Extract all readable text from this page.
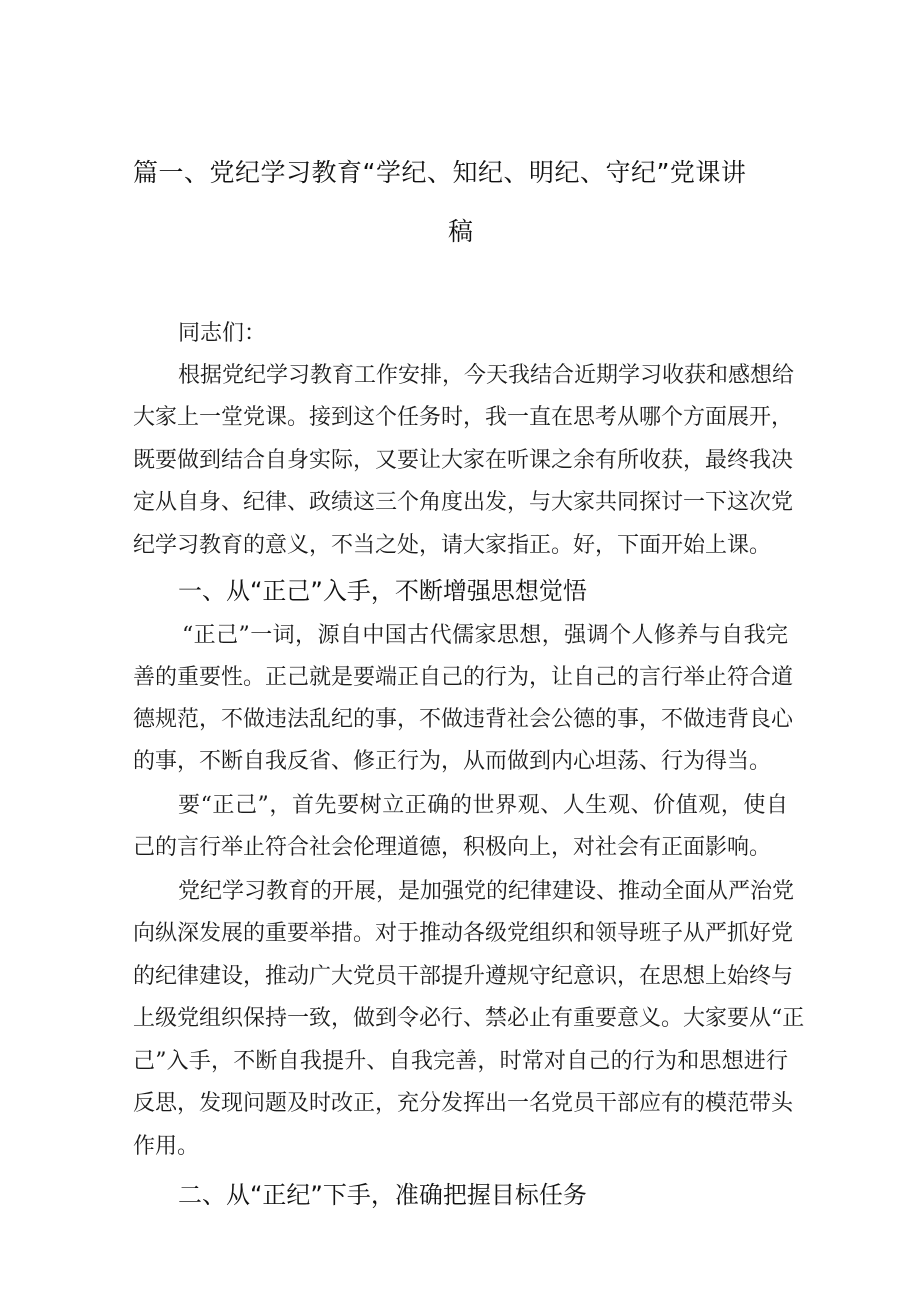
篇一、党纪学习教育“学纪、知纪、明纪、守纪”党课讲
稿
同志们：
根据党纪学习教育工作安排，今天我结合近期学习收获和感想给
大家上一堂党课。接到这个任务时，我一直在思考从哪个方面展开，
既要做到结合自身实际，又要让大家在听课之余有所收获，最终我决
定从自身、纪律、政绩这三个角度出发，与大家共同探讨一下这次党
纪学习教育的意义，不当之处，请大家指正。好，下面开始上课。
一、从“正己”入手，不断增强思想觉悟
“正己”一词，源自中国古代儒家思想，强调个人修养与自我完
善的重要性。正己就是要端正自己的行为，让自己的言行举止符合道
德规范，不做违法乱纪的事，不做违背社会公德的事，不做违背良心
的事，不断自我反省、修正行为，从而做到内心坦荡、行为得当。
要“正己”，首先要树立正确的世界观、人生观、价值观，使自
己的言行举止符合社会伦理道德，积极向上，对社会有正面影响。
党纪学习教育的开展，是加强党的纪律建设、推动全面从严治党
向纵深发展的重要举措。对于推动各级党组织和领导班子从严抓好党
的纪律建设，推动广大党员干部提升遵规守纪意识，在思想上始终与
上级党组织保持一致，做到令必行、禁必止有重要意义。大家要从“正
己”入手，不断自我提升、自我完善，时常对自己的行为和思想进行
反思，发现问题及时改正，充分发挥出一名党员干部应有的模范带头
作用。
二、从“正纪”下手，准确把握目标任务
